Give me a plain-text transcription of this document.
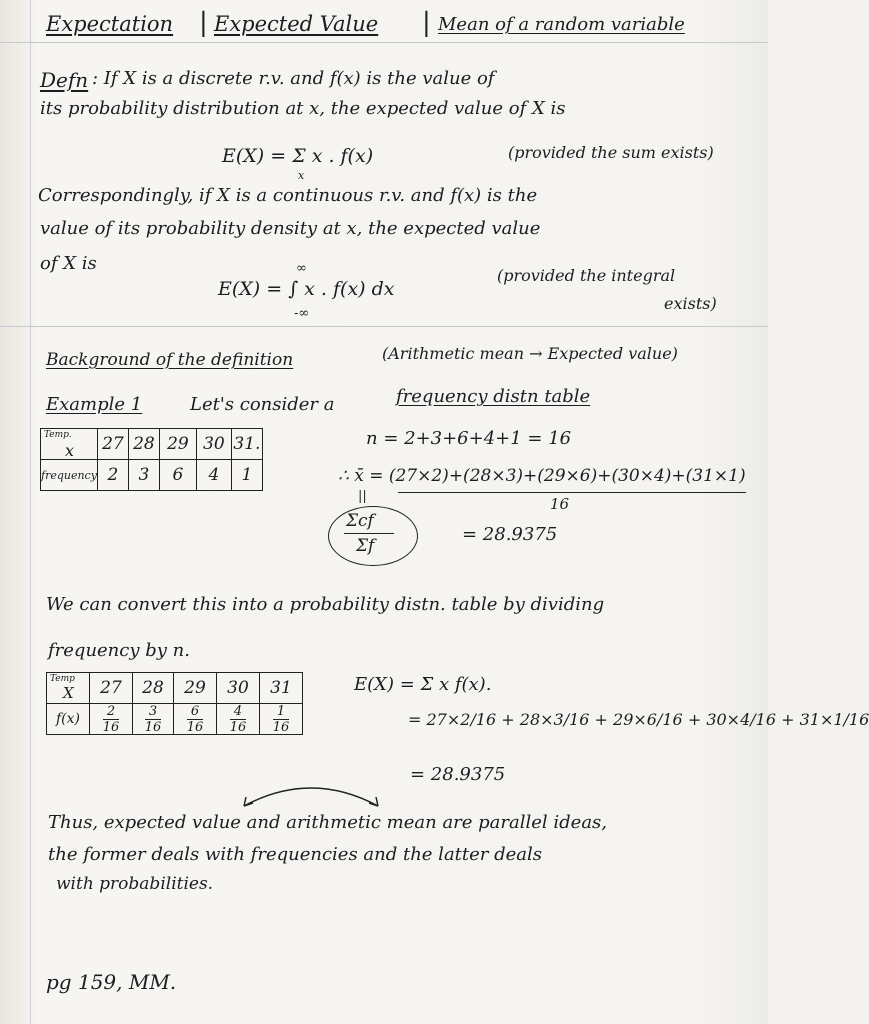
Expectation | Expected Value | Mean of a random variable
Defn : If X is a discrete r.v. and f(x) is the value of
its probability distribution at x, the expected value of X is
E(X) = Σ x . f(x)
x
(provided the sum exists)
Correspondingly, if X is a continuous r.v. and f(x) is the
value of its probability density at x, the expected value
of X is	∞
E(X) = ∫ x . f(x) dx
-∞
(provided the integral
exists)
Background of the definition	(Arithmetic mean → Expected value)
Example 1	Let's consider a	frequency distn table
Temp.
x	27	28	29	30	31.
frequency	2	3	6	4	1
n = 2+3+6+4+1 = 16
∴ x̄ = (27×2)+(28×3)+(29×6)+(30×4)+(31×1)
16
||
Σcf
Σf
= 28.9375
We can convert this into a probability distn. table by dividing
frequency by n.
Temp
X	27	28	29	30	31
f(x)	$\frac{2}{16}$	$\frac{3}{16}$	$\frac{6}{16}$	$\frac{4}{16}$	$\frac{1}{16}$
E(X) = Σ x f(x).
= 27×2/16 + 28×3/16 + 29×6/16 + 30×4/16 + 31×1/16
= 28.9375
Thus, expected value and arithmetic mean are parallel ideas,
the former deals with frequencies and the latter deals
with probabilities.
pg 159, MM.
